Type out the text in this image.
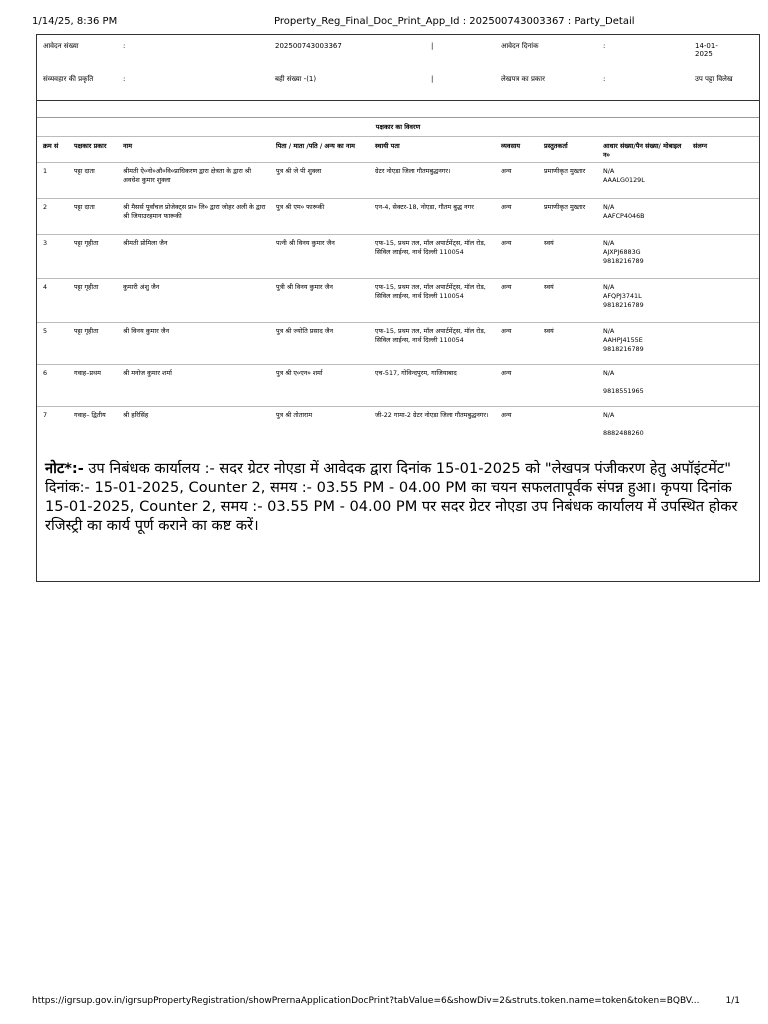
1/14/25, 8:36 PM	Property_Reg_Final_Doc_Print_App_Id : 202500743003367 : Party_Detail
आवेदन संख्या	:	202500743003367	|	आवेदन दिनांक	:	14-01-2025
संव्यवहार की प्रकृति	:	बही संख्या -(1)	|	लेखपत्र का प्रकार	:	उप पट्टा विलेख
पक्षकार का विवरण
क्रम सं	पक्षकार प्रकार	नाम	पिता / माता /पति / अन्य का नाम	स्थायी पता	व्यवसाय	प्रस्तुतकर्ता	आधार संख्या/पैन संख्या/ मोबाइल न०	संलग्न
1	पट्टा दाता	श्रीमती ऐ०नो०औ०वि०प्राधिकरण द्वारा क्षेत्रता के द्वारा श्री अवधेश कुमार शुक्ला	पुत्र श्री जे पी शुक्ला	ग्रेटर नोएडा जिला गौतमबुद्धनगर।	अन्य	प्रमाणीकृत मुख्तार	N/A
AAALG0129L	

2	पट्टा दाता	श्री मैसर्स पूर्वांचल प्रोजेक्ट्स प्रा० लि० द्वारा जोहर अली के द्वारा श्री जियाउरहमान फारूकी	पुत्र श्री एम० फारूकी	एन-4, सेक्टर-18, नोएडा, गौतम बुद्ध नगर	अन्य	प्रमाणीकृत मुख्तार	N/A
AAFCP4046B	

3	पट्टा गृहीता	श्रीमती प्रोमिला जैन	पत्नी श्री विनय कुमार जैन	एफ-15, प्रथम तल, मॉल अपार्टमेंट्स, मॉल रोड, सिविल लाईन्स, नार्थ दिल्ली 110054	अन्य	स्वयं	N/A
AJXPJ6883G
9818216789	

4	पट्टा गृहीता	कुमारी अंशु जैन	पुत्री श्री विनय कुमार जैन	एफ-15, प्रथम तल, मॉल अपार्टमेंट्स, मॉल रोड, सिविल लाईन्स, नार्थ दिल्ली 110054	अन्य	स्वयं	N/A
AFQPJ3741L
9818216789	

5	पट्टा गृहीता	श्री विनय कुमार जैन	पुत्र श्री ज्योति प्रसाद जैन	एफ-15, प्रथम तल, मॉल अपार्टमेंट्स, मॉल रोड, सिविल लाईन्स, नार्थ दिल्ली 110054	अन्य	स्वयं	N/A
AAHPJ4155E
9818216789	

6	गवाह–प्रथम	श्री मनोज कुमार शर्मा	पुत्र श्री ए०एन० शर्मा	एच-517, गोविन्दपुरम, गाजियाबाद	अन्य		N/A
9818551965	

7	गवाह– द्वितीय	श्री हरिसिंह	पुत्र श्री तोताराम	जी-22 गामा-2 ग्रेटर नोएडा जिला गौतमबुद्धनगर।	अन्य		N/A
8882488260	

नोट*:- उप निबंधक कार्यालय :- सदर ग्रेटर नोएडा में आवेदक द्वारा दिनांक 15-01-2025 को "लेखपत्र पंजीकरण हेतु अपॉइंटमेंट" दिनांक:- 15-01-2025, Counter 2, समय :- 03.55 PM - 04.00 PM का चयन सफलतापूर्वक संपन्न हुआ। कृपया दिनांक 15-01-2025, Counter 2, समय :- 03.55 PM - 04.00 PM पर सदर ग्रेटर नोएडा उप निबंधक कार्यालय में उपस्थित होकर रजिस्ट्री का कार्य पूर्ण कराने का कष्ट करें।
https://igrsup.gov.in/igrsupPropertyRegistration/showPrernaApplicationDocPrint?tabValue=6&showDiv=2&struts.token.name=token&token=BQBV...	1/1
